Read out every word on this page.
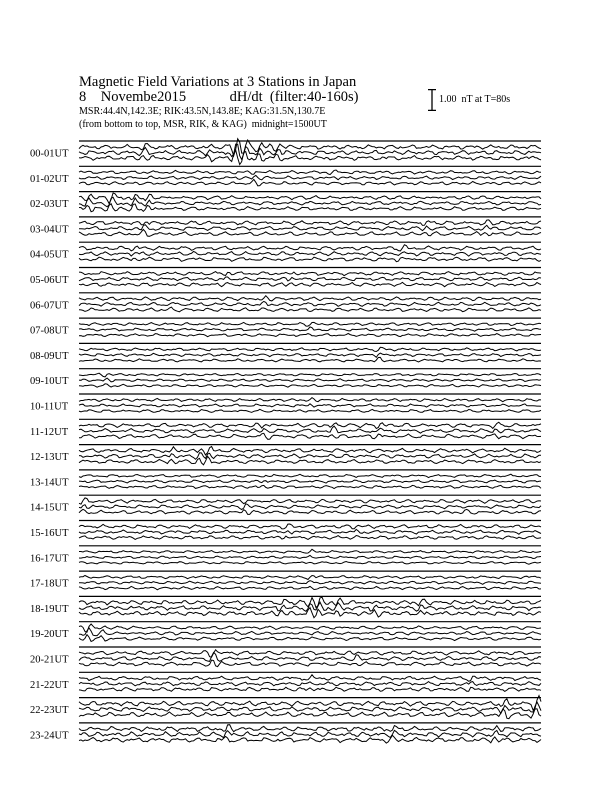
Magnetic Field Variations at 3 Stations in Japan
8 Novembe2015	dH/dt (filter:40-160s)
MSR:44.4N,142.3E; RIK:43.5N,143.8E; KAG:31.5N,130.7E
(from bottom to top, MSR, RIK, & KAG) midnight=1500UT
1.00  nT at T=80s
00-01UT
01-02UT
02-03UT
03-04UT
04-05UT
05-06UT
06-07UT
07-08UT
08-09UT
09-10UT
10-11UT
11-12UT
12-13UT
13-14UT
14-15UT
15-16UT
16-17UT
17-18UT
18-19UT
19-20UT
20-21UT
21-22UT
22-23UT
23-24UT
